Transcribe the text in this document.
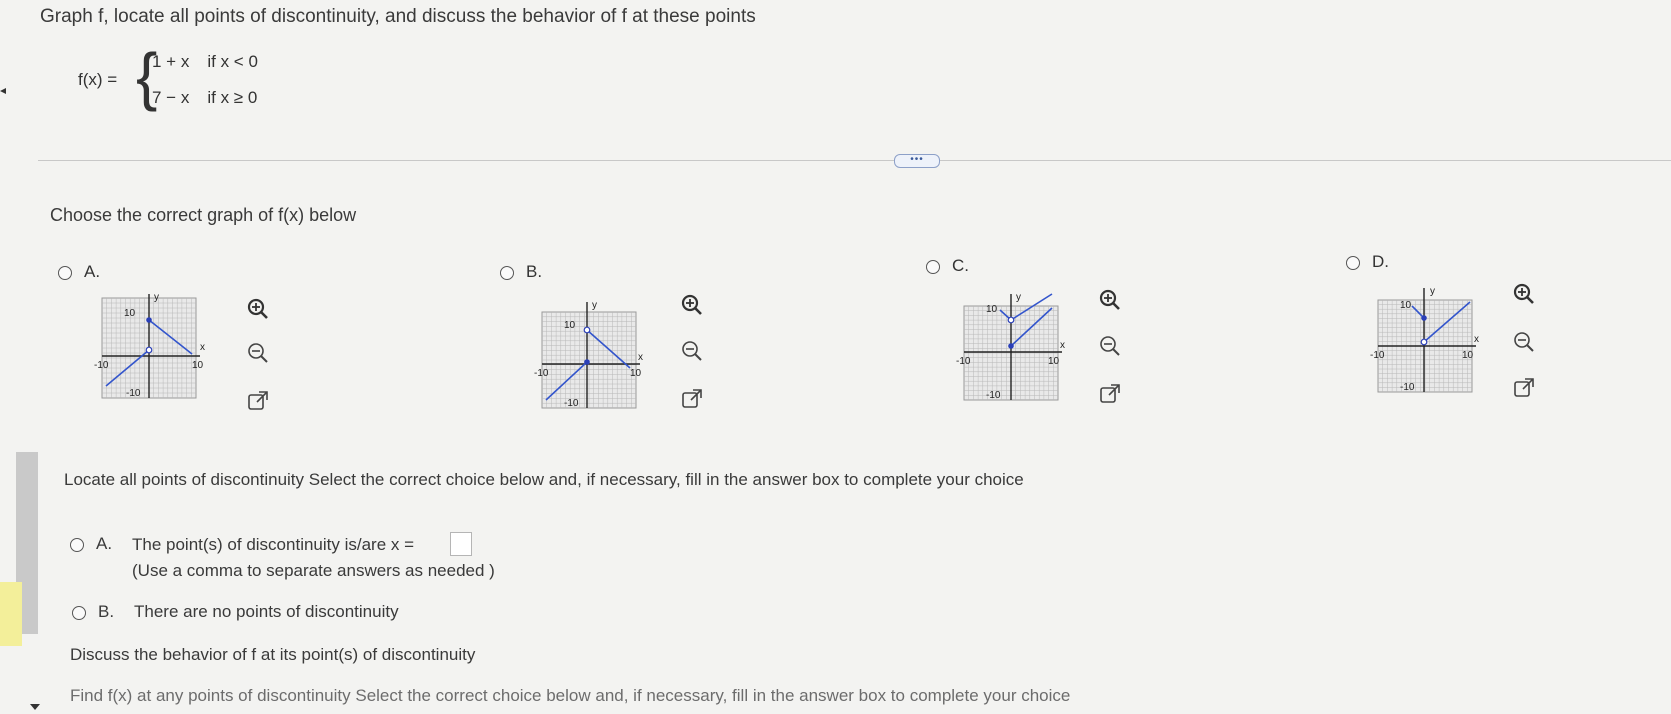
Graph f, locate all points of discontinuity, and discuss the behavior of f at these points
f(x) = {
1 + x if x < 0
7 − x if x ≥ 0
•••
Choose the correct graph of f(x) below
A.
y
x
10
-10	10
-10
B.
y
x
10
-10	10
-10
C.
y
x
10
-10	10
-10
D.
y
x
10
-10	10
-10
Locate all points of discontinuity Select the correct choice below and, if necessary, fill in the answer box to complete your choice
A. The point(s) of discontinuity is/are x =
(Use a comma to separate answers as needed )
B. There are no points of discontinuity
Discuss the behavior of f at its point(s) of discontinuity
Find f(x) at any points of discontinuity Select the correct choice below and, if necessary, fill in the answer box to complete your choice
